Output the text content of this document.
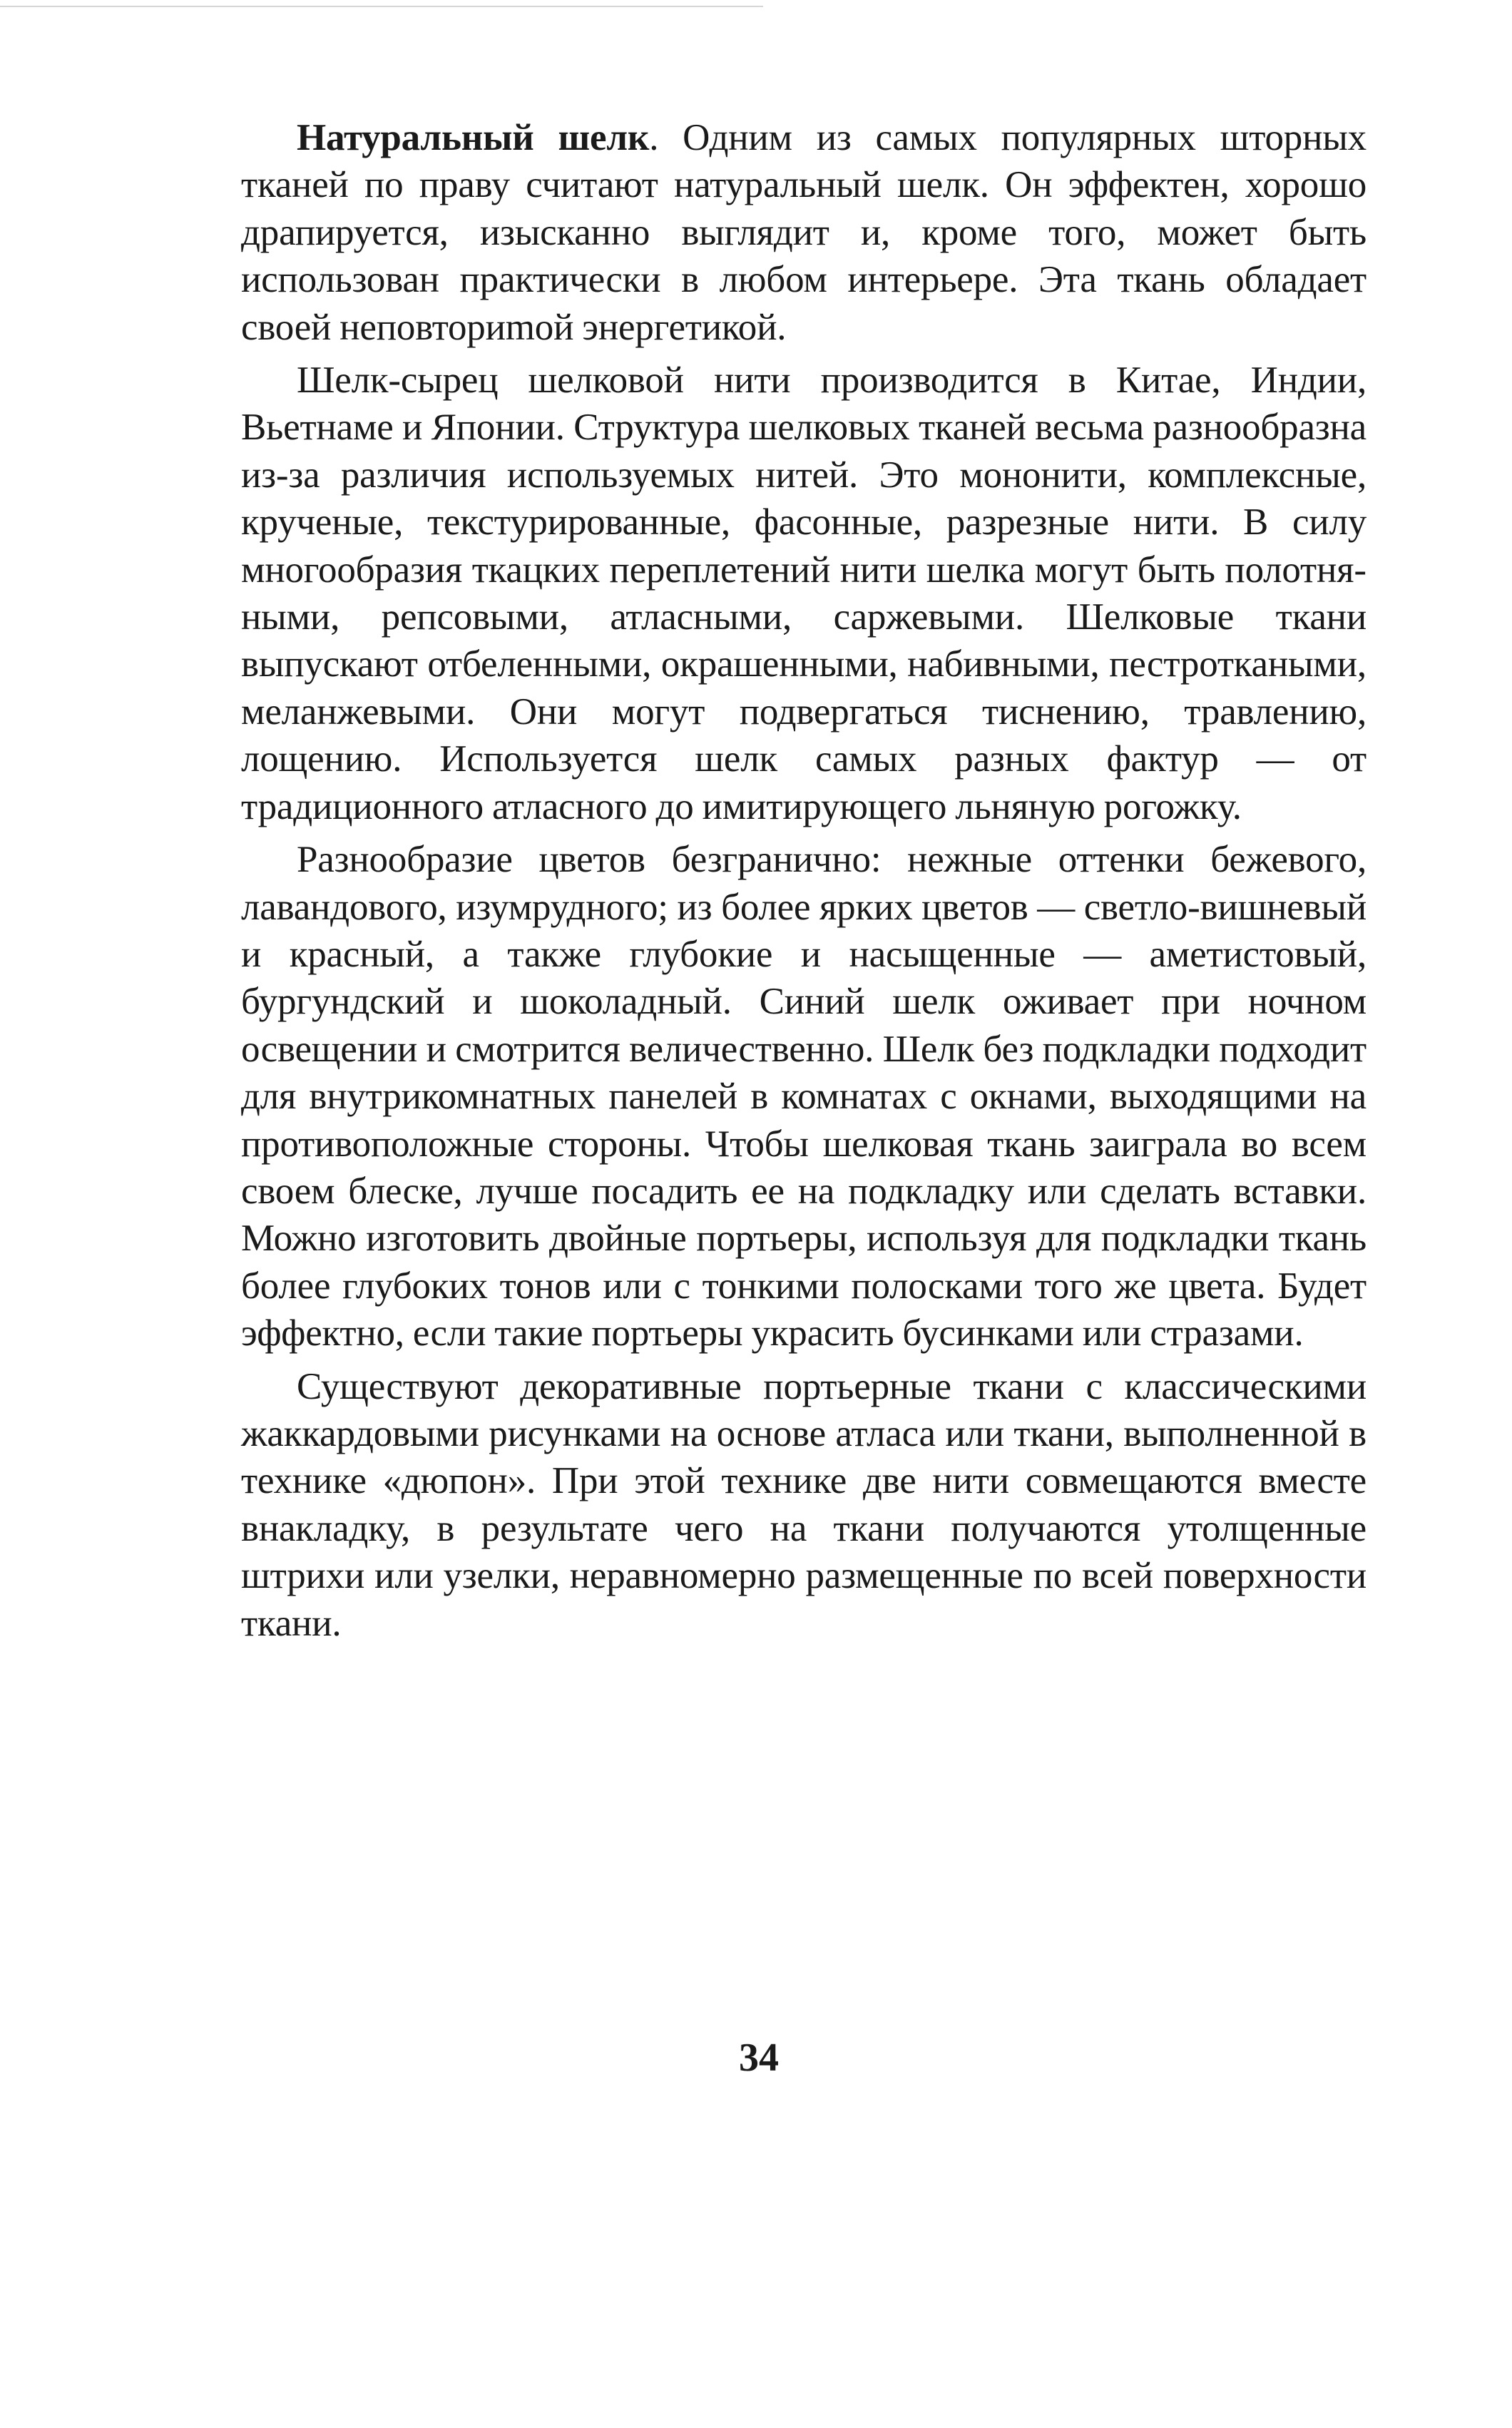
Натуральный шелк. Одним из самых популярных шторных тканей по праву считают натуральный шелк. Он эффектен, хорошо драпируется, изысканно выглядит и, кроме того, может быть использован практически в любом интерьере. Эта ткань обладает своей неповториmой энергетикой.

Шелк-сырец шелковой нити производится в Китае, Индии, Вьетнаме и Японии. Структура шелковых тканей весьма разнообразна из-за различия используемых нитей. Это мононити, комплексные, крученые, текстурированные, фасонные, разрезные нити. В силу многообразия ткацких переплетений нити шелка могут быть полотняными, репсовыми, атласными, саржевыми. Шелковые ткани выпускают отбеленными, окрашенными, набивными, пестроткаными, меланжевыми. Они могут подвергаться тиснению, травлению, лощению. Используется шелк самых разных фактур — от традиционного атласного до имитирующего льняную рогожку.

Разнообразие цветов безгранично: нежные оттенки бежевого, лавандового, изумрудного; из более ярких цветов — светло-вишневый и красный, а также глубокие и насыщенные — аметистовый, бургундский и шоколадный. Синий шелк оживает при ночном освещении и смотрится величественно. Шелк без подкладки подходит для внутрикомнатных панелей в комнатах с окнами, выходящими на противоположные стороны. Чтобы шелковая ткань заиграла во всем своем блеске, лучше посадить ее на подкладку или сделать вставки. Можно изготовить двойные портьеры, используя для подкладки ткань более глубоких тонов или с тонкими полосками того же цвета. Будет эффектно, если такие портьеры украсить бусинками или стразами.

Существуют декоративные портьерные ткани с классическими жаккардовыми рисунками на основе атласа или ткани, выполненной в технике «дюпон». При этой технике две нити совмещаются вместе внакладку, в результате чего на ткани получаются утолщенные штрихи или узелки, неравномерно размещенные по всей поверхности ткани.

34
